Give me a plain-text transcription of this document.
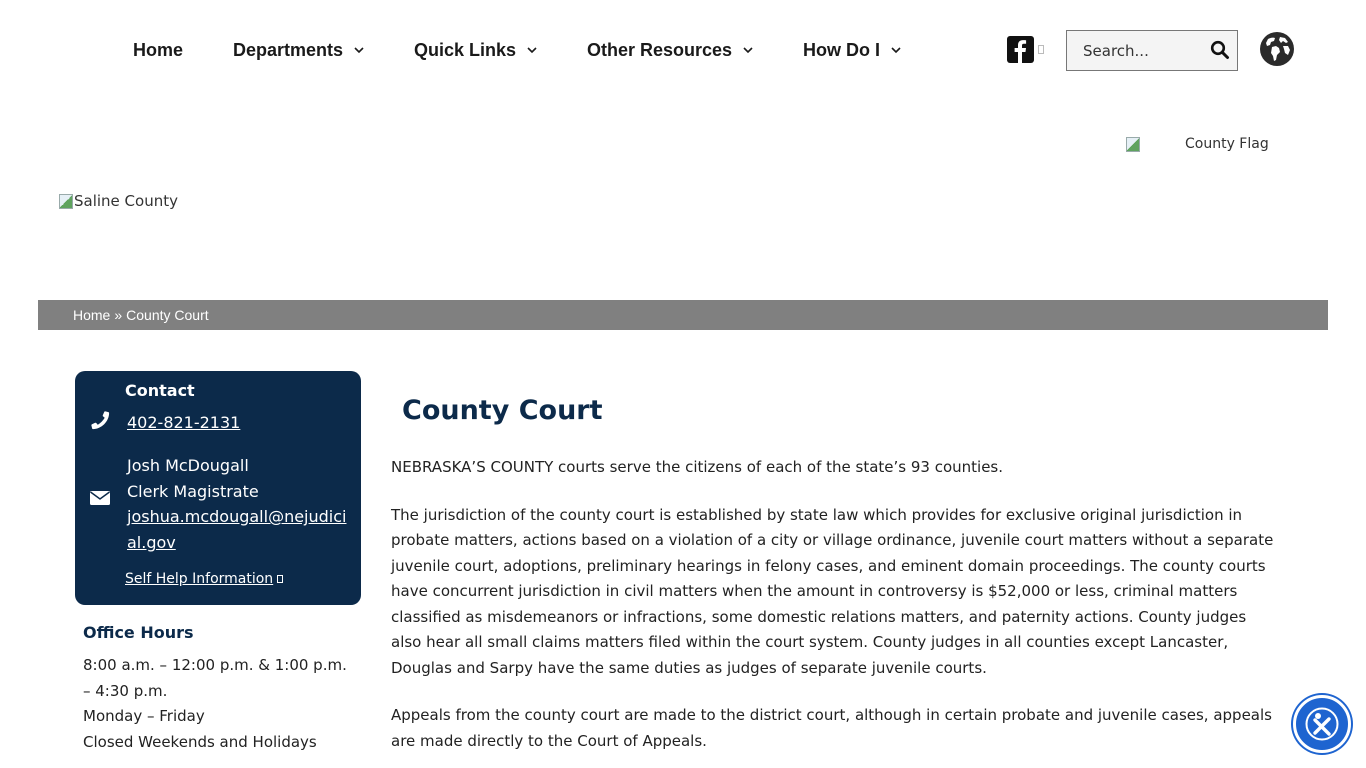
Home	Departments	Quick Links	Other Resources	How Do I
Search...
County Flag
Saline County
Home » County Court
Contact
402-821-2131
Josh McDougall
Clerk Magistrate
joshua.mcdougall@nejudicial.gov
Self Help Information
Office Hours
8:00 a.m. – 12:00 p.m. & 1:00 p.m. – 4:30 p.m.
Monday – Friday
Closed Weekends and Holidays
County Court

NEBRASKA’S COUNTY courts serve the citizens of each of the state’s 93 counties.

The jurisdiction of the county court is established by state law which provides for exclusive original jurisdiction in probate matters, actions based on a violation of a city or village ordinance, juvenile court matters without a separate juvenile court, adoptions, preliminary hearings in felony cases, and eminent domain proceedings. The county courts have concurrent jurisdiction in civil matters when the amount in controversy is $52,000 or less, criminal matters classified as misdemeanors or infractions, some domestic relations matters, and paternity actions. County judges also hear all small claims matters filed within the court system. County judges in all counties except Lancaster, Douglas and Sarpy have the same duties as judges of separate juvenile courts.

Appeals from the county court are made to the district court, although in certain probate and juvenile cases, appeals are made directly to the Court of Appeals.
